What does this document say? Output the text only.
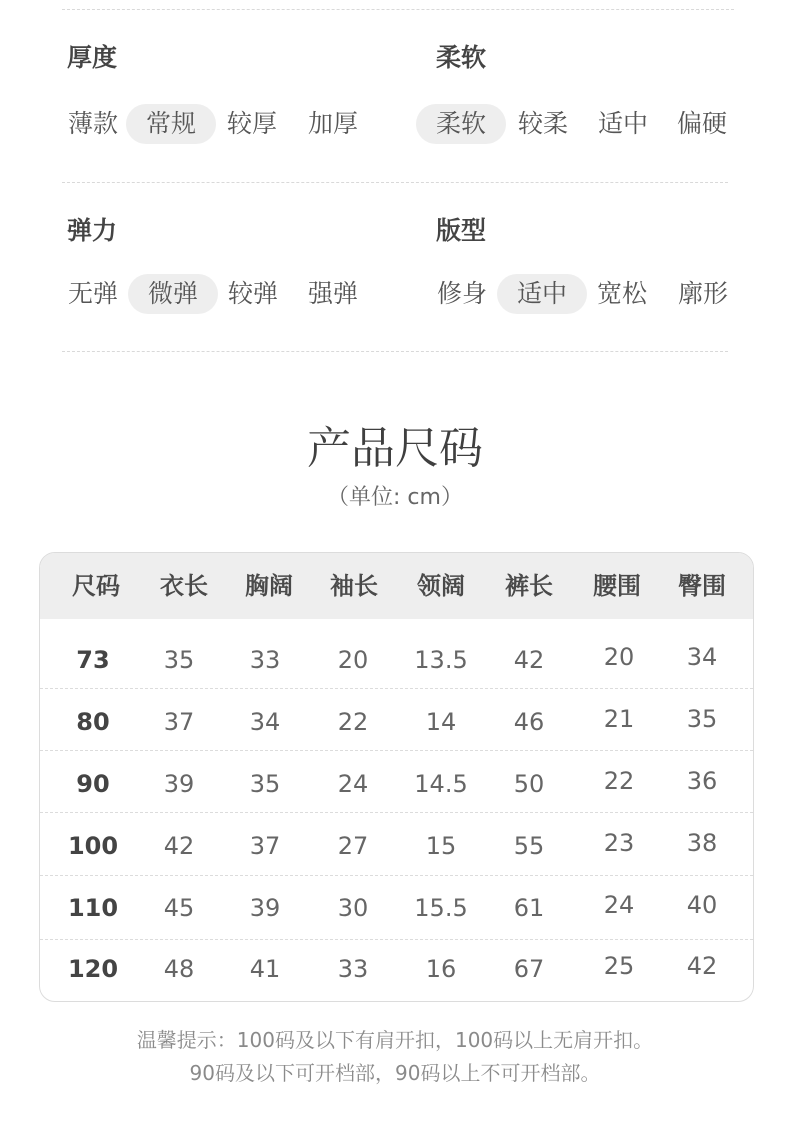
厚度
薄款	常规	较厚	加厚
柔软
柔软	较柔	适中	偏硬
弹力
无弹	微弹	较弹	强弹
版型
修身	适中	宽松	廓形
产品尺码
（单位: cm）
尺码	衣长	胸阔	袖长	领阔	裤长	腰围	臀围
73	35	33	20	13.5	42	20	34
80	37	34	22	14	46	21	35
90	39	35	24	14.5	50	22	36
100	42	37	27	15	55	23	38
110	45	39	30	15.5	61	24	40
120	48	41	33	16	67	25	42
温馨提示：100码及以下有肩开扣，100码以上无肩开扣。
90码及以下可开档部，90码以上不可开档部。
